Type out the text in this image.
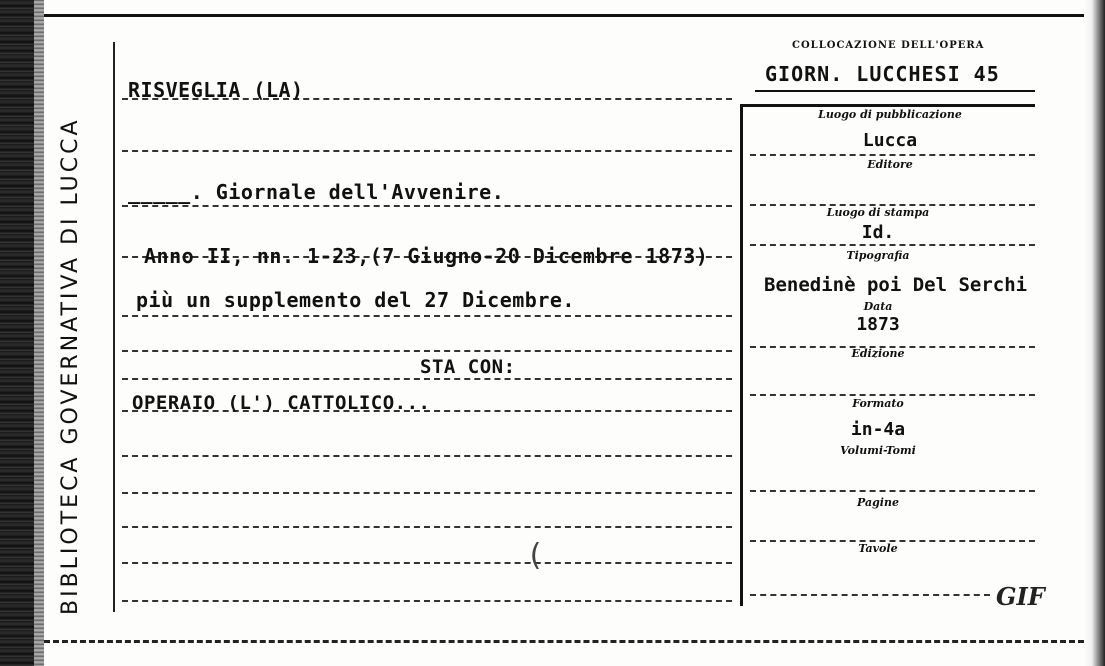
BIBLIOTECA GOVERNATIVA DI LUCCA
COLLOCAZIONE DELL'OPERA
GIORN. LUCCHESI 45
RISVEGLIA (LA)
_____. Giornale dell'Avvenire.
Anno II, nn. 1-23,(7 Giugno-20 Dicembre 1873)
più un supplemento del 27 Dicembre.
STA CON:
OPERAIO (L') CATTOLICO...
(
Luogo di pubblicazione
Lucca
Editore
Luogo di stampa
Id.
Tipografia
Benedinè poi Del Serchi
Data
1873
Edizione
Formato
in-4a
Volumi-Tomi
Pagine
Tavole
GIF
